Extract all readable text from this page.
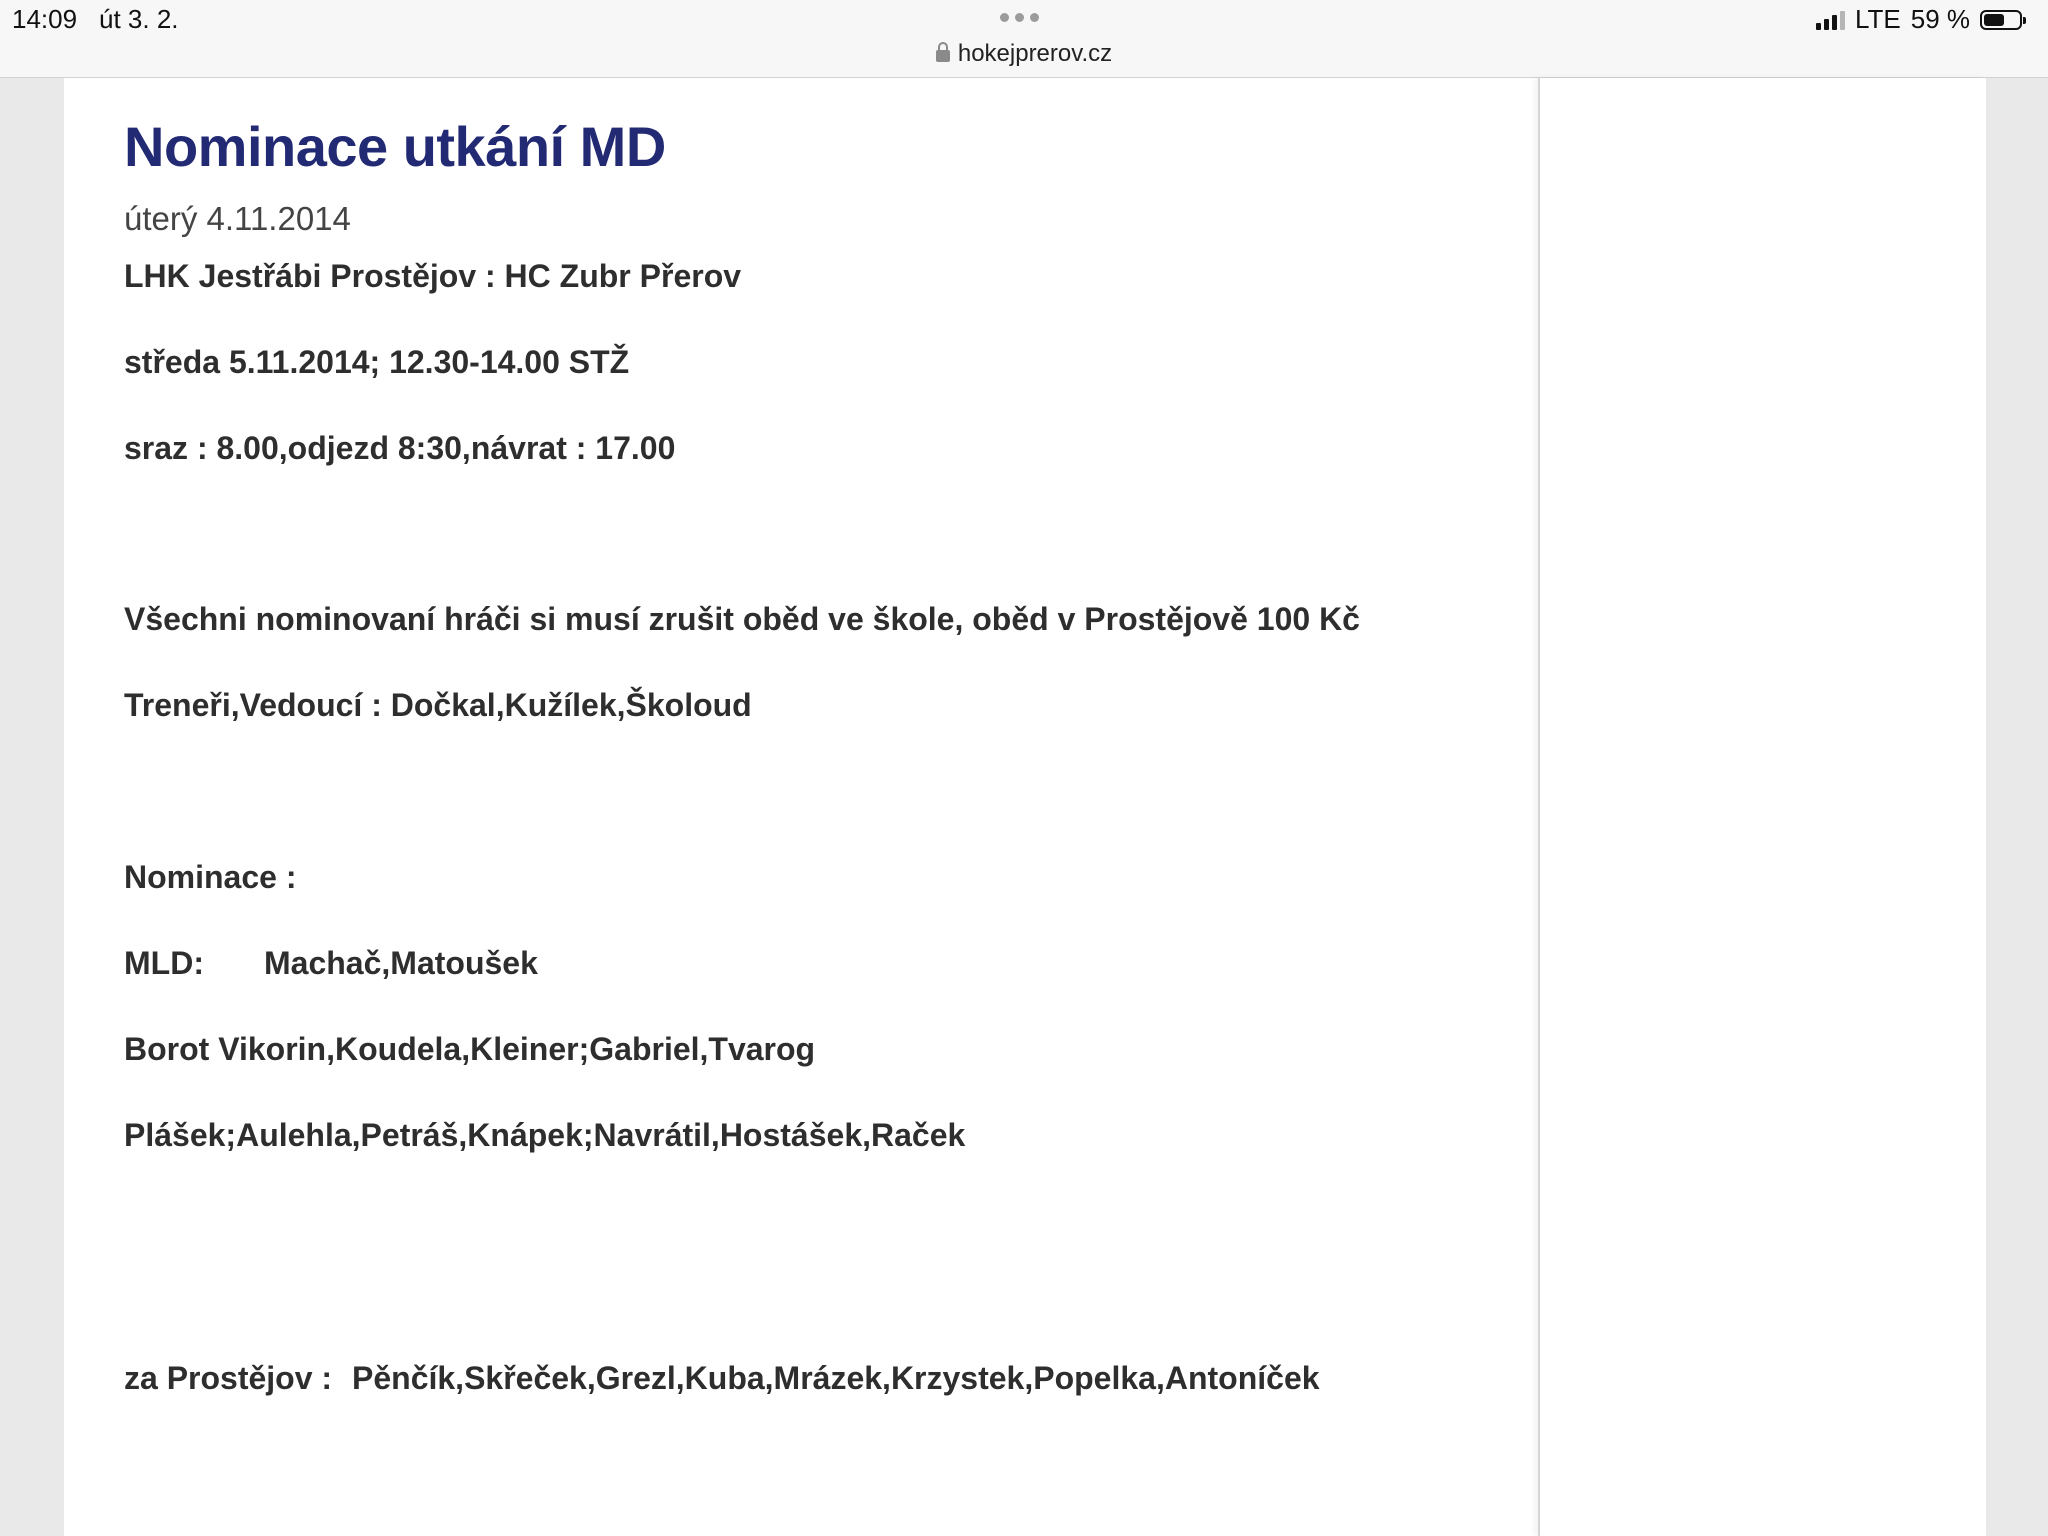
14:09 út 3. 2.
hokejprerov.cz
LTE 59 %
Nominace utkání MD
úterý 4.11.2014
LHK Jestřábi Prostějov : HC Zubr Přerov
středa 5.11.2014; 12.30-14.00 STŽ
sraz : 8.00,odjezd 8:30,návrat : 17.00
Všechni nominovaní hráči si musí zrušit oběd ve škole, oběd v Prostějově 100 Kč
Treneři,Vedoucí : Dočkal,Kužílek,Školoud
Nominace :
MLD: Machač,Matoušek
Borot Vikorin,Koudela,Kleiner;Gabriel,Tvarog
Plášek;Aulehla,Petráš,Knápek;Navrátil,Hostášek,Raček
za Prostějov : Pěnčík,Skřeček,Grezl,Kuba,Mrázek,Krzystek,Popelka,Antoníček
